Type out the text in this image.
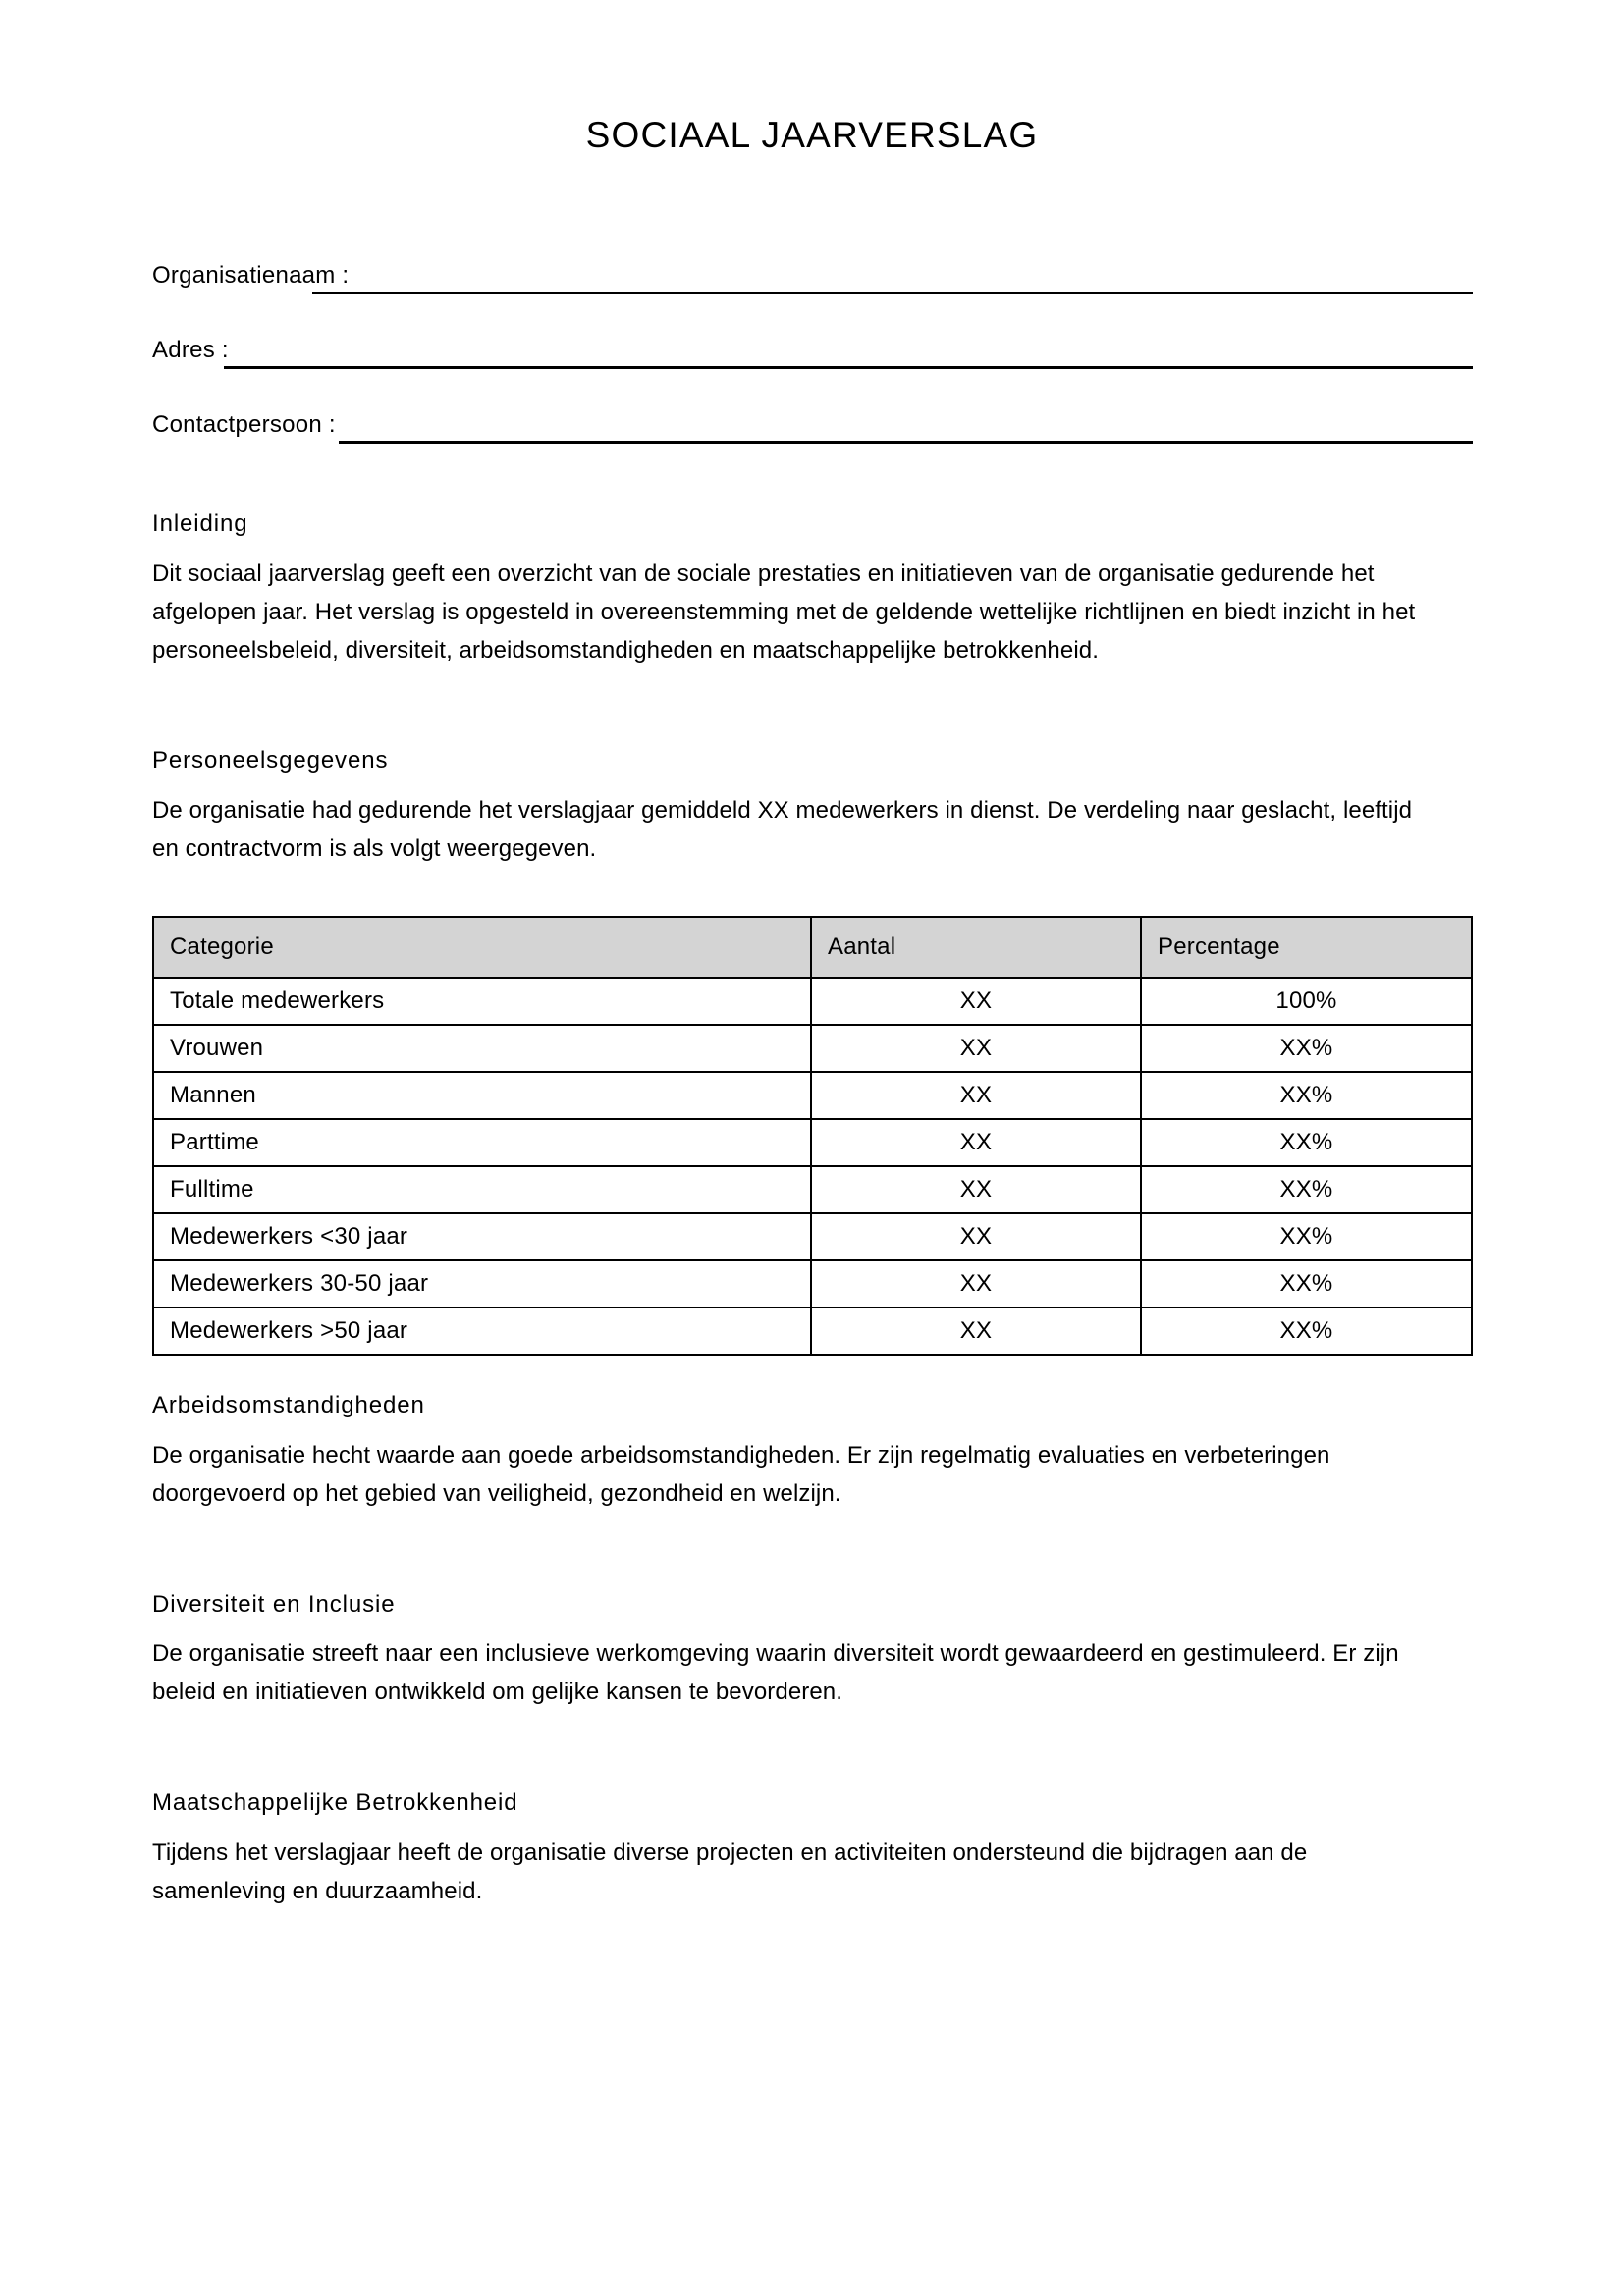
SOCIAAL JAARVERSLAG
Organisatienaam :
Adres :
Contactpersoon :
Inleiding

Dit sociaal jaarverslag geeft een overzicht van de sociale prestaties en initiatieven van de organisatie gedurende het afgelopen jaar. Het verslag is opgesteld in overeenstemming met de geldende wettelijke richtlijnen en biedt inzicht in het personeelsbeleid, diversiteit, arbeidsomstandigheden en maatschappelijke betrokkenheid.

Personeelsgegevens

De organisatie had gedurende het verslagjaar gemiddeld XX medewerkers in dienst. De verdeling naar geslacht, leeftijd en contractvorm is als volgt weergegeven.

Categorie	Aantal	Percentage
Totale medewerkers	XX	100%
Vrouwen	XX	XX%
Mannen	XX	XX%
Parttime	XX	XX%
Fulltime	XX	XX%
Medewerkers <30 jaar	XX	XX%
Medewerkers 30-50 jaar	XX	XX%
Medewerkers >50 jaar	XX	XX%
Arbeidsomstandigheden

De organisatie hecht waarde aan goede arbeidsomstandigheden. Er zijn regelmatig evaluaties en verbeteringen doorgevoerd op het gebied van veiligheid, gezondheid en welzijn.

Diversiteit en Inclusie

De organisatie streeft naar een inclusieve werkomgeving waarin diversiteit wordt gewaardeerd en gestimuleerd. Er zijn beleid en initiatieven ontwikkeld om gelijke kansen te bevorderen.

Maatschappelijke Betrokkenheid

Tijdens het verslagjaar heeft de organisatie diverse projecten en activiteiten ondersteund die bijdragen aan de samenleving en duurzaamheid.
